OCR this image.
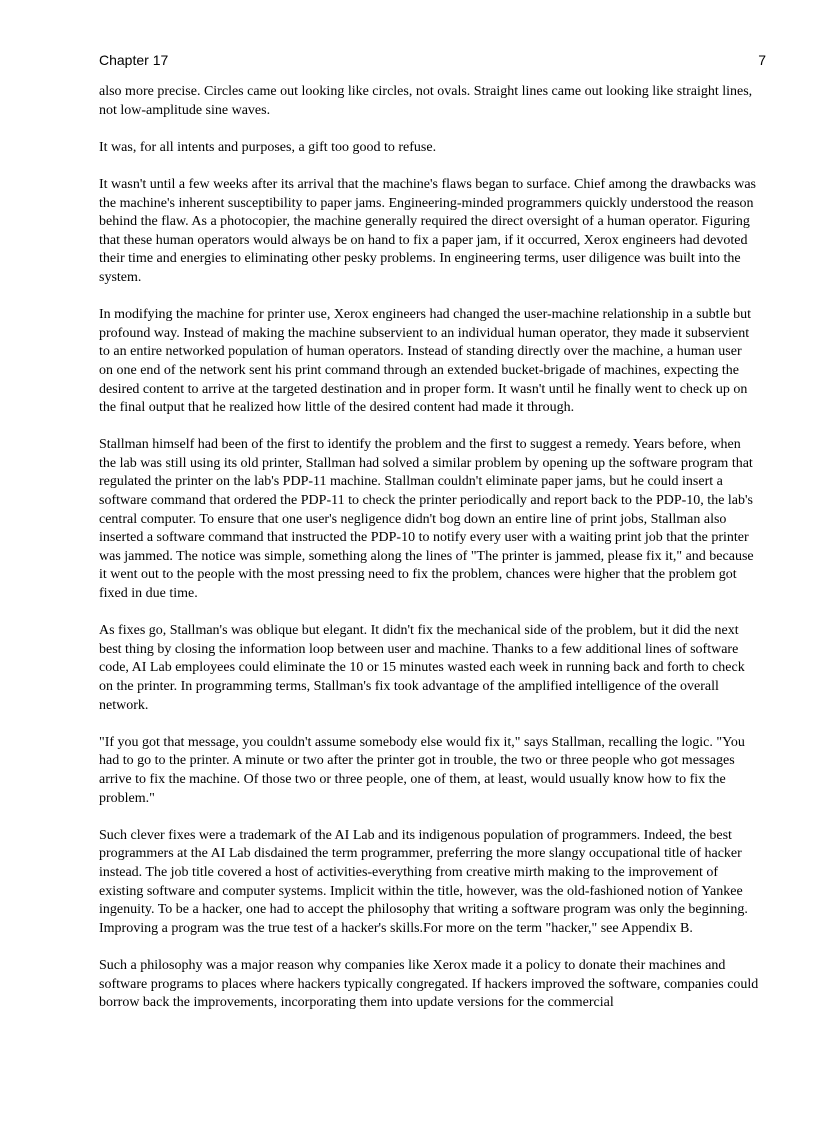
Chapter 17	7

also more precise. Circles came out looking like circles, not ovals. Straight lines came out looking like straight lines, not low-amplitude sine waves.

It was, for all intents and purposes, a gift too good to refuse.

It wasn't until a few weeks after its arrival that the machine's flaws began to surface. Chief among the drawbacks was the machine's inherent susceptibility to paper jams. Engineering-minded programmers quickly understood the reason behind the flaw. As a photocopier, the machine generally required the direct oversight of a human operator. Figuring that these human operators would always be on hand to fix a paper jam, if it occurred, Xerox engineers had devoted their time and energies to eliminating other pesky problems. In engineering terms, user diligence was built into the system.

In modifying the machine for printer use, Xerox engineers had changed the user-machine relationship in a subtle but profound way. Instead of making the machine subservient to an individual human operator, they made it subservient to an entire networked population of human operators. Instead of standing directly over the machine, a human user on one end of the network sent his print command through an extended bucket-brigade of machines, expecting the desired content to arrive at the targeted destination and in proper form. It wasn't until he finally went to check up on the final output that he realized how little of the desired content had made it through.

Stallman himself had been of the first to identify the problem and the first to suggest a remedy. Years before, when the lab was still using its old printer, Stallman had solved a similar problem by opening up the software program that regulated the printer on the lab's PDP-11 machine. Stallman couldn't eliminate paper jams, but he could insert a software command that ordered the PDP-11 to check the printer periodically and report back to the PDP-10, the lab's central computer. To ensure that one user's negligence didn't bog down an entire line of print jobs, Stallman also inserted a software command that instructed the PDP-10 to notify every user with a waiting print job that the printer was jammed. The notice was simple, something along the lines of "The printer is jammed, please fix it," and because it went out to the people with the most pressing need to fix the problem, chances were higher that the problem got fixed in due time.

As fixes go, Stallman's was oblique but elegant. It didn't fix the mechanical side of the problem, but it did the next best thing by closing the information loop between user and machine. Thanks to a few additional lines of software code, AI Lab employees could eliminate the 10 or 15 minutes wasted each week in running back and forth to check on the printer. In programming terms, Stallman's fix took advantage of the amplified intelligence of the overall network.

"If you got that message, you couldn't assume somebody else would fix it," says Stallman, recalling the logic. "You had to go to the printer. A minute or two after the printer got in trouble, the two or three people who got messages arrive to fix the machine. Of those two or three people, one of them, at least, would usually know how to fix the problem."

Such clever fixes were a trademark of the AI Lab and its indigenous population of programmers. Indeed, the best programmers at the AI Lab disdained the term programmer, preferring the more slangy occupational title of hacker instead. The job title covered a host of activities-everything from creative mirth making to the improvement of existing software and computer systems. Implicit within the title, however, was the old-fashioned notion of Yankee ingenuity. To be a hacker, one had to accept the philosophy that writing a software program was only the beginning. Improving a program was the true test of a hacker's skills.For more on the term "hacker," see Appendix B.

Such a philosophy was a major reason why companies like Xerox made it a policy to donate their machines and software programs to places where hackers typically congregated. If hackers improved the software, companies could borrow back the improvements, incorporating them into update versions for the commercial
